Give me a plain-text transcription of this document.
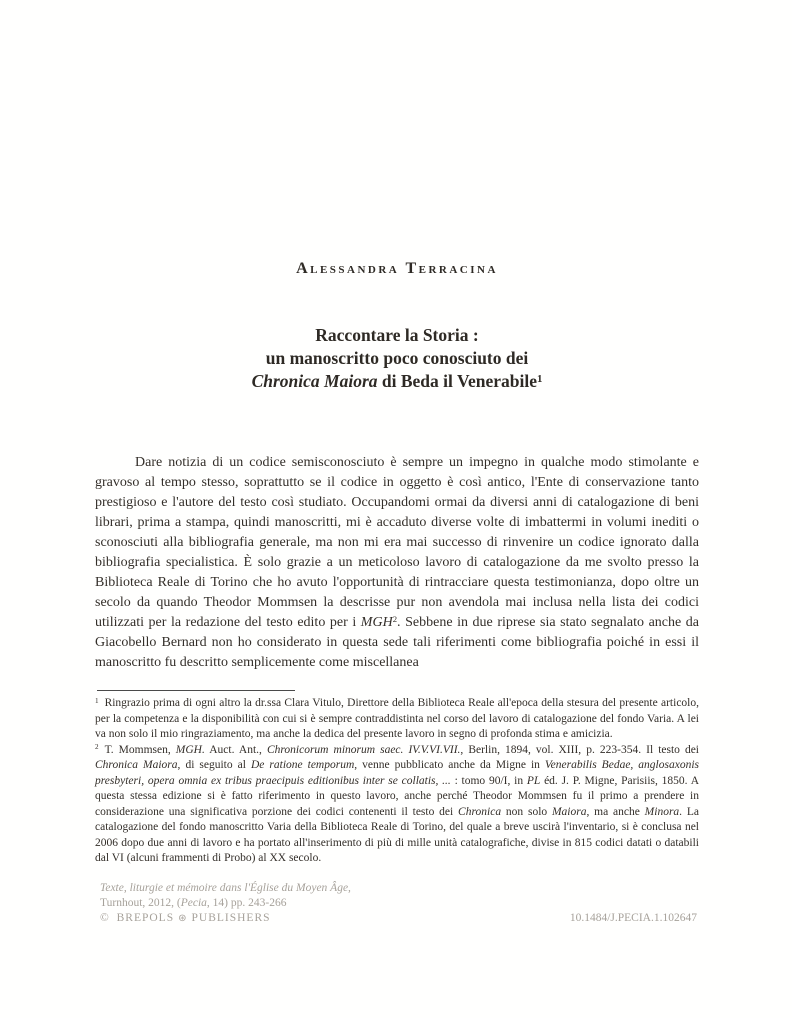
Alessandra Terracina
Raccontare la Storia :
un manoscritto poco conosciuto dei
Chronica Maiora di Beda il Venerabile$^1$

Dare notizia di un codice semisconosciuto è sempre un impegno in qualche modo stimolante e gravoso al tempo stesso, soprattutto se il codice in oggetto è così antico, l'Ente di conservazione tanto prestigioso e l'autore del testo così studiato. Occupandomi ormai da diversi anni di catalogazione di beni librari, prima a stampa, quindi manoscritti, mi è accaduto diverse volte di imbattermi in volumi inediti o sconosciuti alla bibliografia generale, ma non mi era mai successo di rinvenire un codice ignorato dalla bibliografia specialistica. È solo grazie a un meticoloso lavoro di catalogazione da me svolto presso la Biblioteca Reale di Torino che ho avuto l'opportunità di rintracciare questa testimonianza, dopo oltre un secolo da quando Theodor Mommsen la descrisse pur non avendola mai inclusa nella lista dei codici utilizzati per la redazione del testo edito per i MGH$^2$. Sebbene in due riprese sia stato segnalato anche da Giacobello Bernard non ho considerato in questa sede tali riferimenti come bibliografia poiché in essi il manoscritto fu descritto semplicemente come miscellanea

$^1$ Ringrazio prima di ogni altro la dr.ssa Clara Vitulo, Direttore della Biblioteca Reale all'epoca della stesura del presente articolo, per la competenza e la disponibilità con cui si è sempre contraddistinta nel corso del lavoro di catalogazione del fondo Varia. A lei va non solo il mio ringraziamento, ma anche la dedica del presente lavoro in segno di profonda stima e amicizia.

$^2$ T. Mommsen, MGH. Auct. Ant., Chronicorum minorum saec. IV.V.VI.VII., Berlin, 1894, vol. XIII, p. 223-354. Il testo dei Chronica Maiora, di seguito al De ratione temporum, venne pubblicato anche da Migne in Venerabilis Bedae, anglosaxonis presbyteri, opera omnia ex tribus praecipuis editionibus inter se collatis, ... : tomo 90/I, in PL éd. J. P. Migne, Parisiis, 1850. A questa stessa edizione si è fatto riferimento in questo lavoro, anche perché Theodor Mommsen fu il primo a prendere in considerazione una significativa porzione dei codici contenenti il testo dei Chronica non solo Maiora, ma anche Minora. La catalogazione del fondo manoscritto Varia della Biblioteca Reale di Torino, del quale a breve uscirà l'inventario, si è conclusa nel 2006 dopo due anni di lavoro e ha portato all'inserimento di più di mille unità catalografiche, divise in 815 codici datati o databili dal VI (alcuni frammenti di Probo) al XX secolo.

Texte, liturgie et mémoire dans l'Église du Moyen Âge,
Turnhout, 2012, (Pecia, 14) pp. 243-266
© BREPOLS ⊛ PUBLISHERS	10.1484/J.PECIA.1.102647
